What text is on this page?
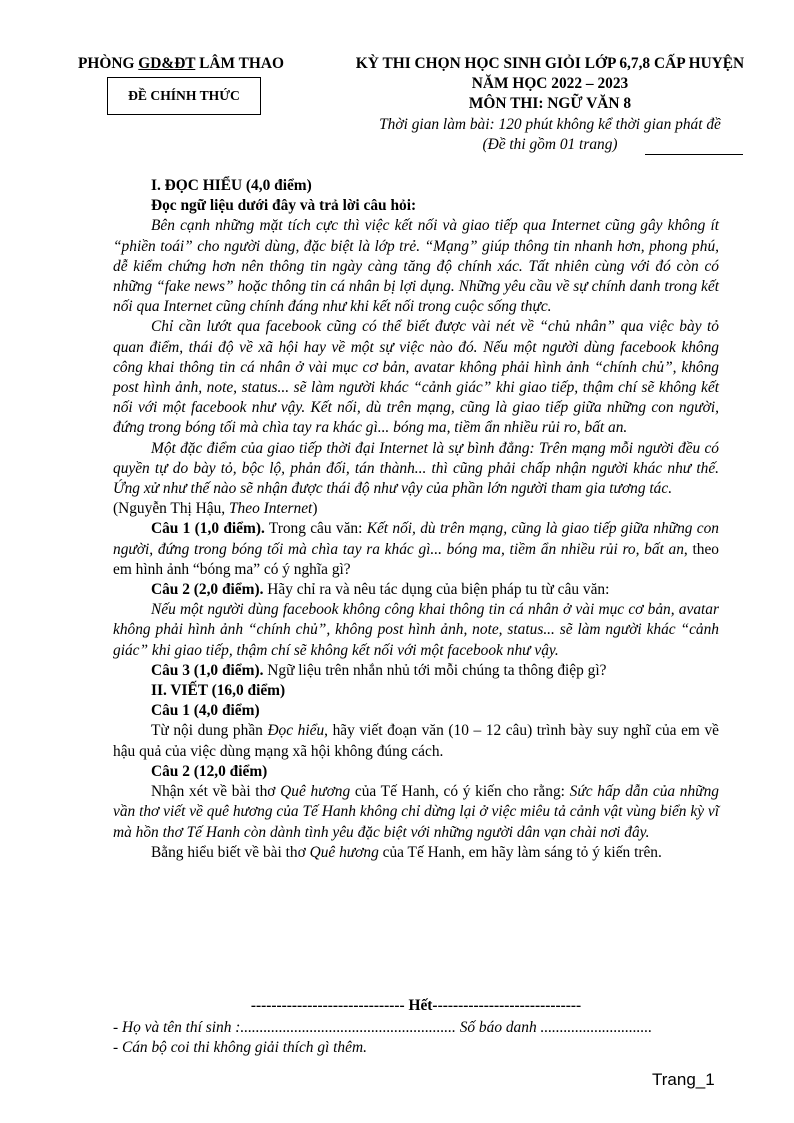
PHÒNG GD&ĐT LÂM THAO
ĐỀ CHÍNH THỨC
KỲ THI CHỌN HỌC SINH GIỎI LỚP 6,7,8 CẤP HUYỆN
NĂM HỌC 2022 – 2023
MÔN THI: NGỮ VĂN 8
Thời gian làm bài: 120 phút không kể thời gian phát đề
(Đề thi gồm 01 trang)

I. ĐỌC HIỂU (4,0 điểm)

Đọc ngữ liệu dưới đây và trả lời câu hỏi:

Bên cạnh những mặt tích cực thì việc kết nối và giao tiếp qua Internet cũng gây không ít “phiền toái” cho người dùng, đặc biệt là lớp trẻ. “Mạng” giúp thông tin nhanh hơn, phong phú, dễ kiểm chứng hơn nên thông tin ngày càng tăng độ chính xác. Tất nhiên cùng với đó còn có những “fake news” hoặc thông tin cá nhân bị lợi dụng. Những yêu cầu về sự chính danh trong kết nối qua Internet cũng chính đáng như khi kết nối trong cuộc sống thực.

Chỉ cần lướt qua facebook cũng có thể biết được vài nét về “chủ nhân” qua việc bày tỏ quan điểm, thái độ về xã hội hay về một sự việc nào đó. Nếu một người dùng facebook không công khai thông tin cá nhân ở vài mục cơ bản, avatar không phải hình ảnh “chính chủ”, không post hình ảnh, note, status... sẽ làm người khác “cảnh giác” khi giao tiếp, thậm chí sẽ không kết nối với một facebook như vậy. Kết nối, dù trên mạng, cũng là giao tiếp giữa những con người, đứng trong bóng tối mà chìa tay ra khác gì... bóng ma, tiềm ẩn nhiều rủi ro, bất an.

Một đặc điểm của giao tiếp thời đại Internet là sự bình đẳng: Trên mạng mỗi người đều có quyền tự do bày tỏ, bộc lộ, phản đối, tán thành... thì cũng phải chấp nhận người khác như thế. Ứng xử như thế nào sẽ nhận được thái độ như vậy của phần lớn người tham gia tương tác.

(Nguyễn Thị Hậu, Theo Internet)

Câu 1 (1,0 điểm). Trong câu văn: Kết nối, dù trên mạng, cũng là giao tiếp giữa những con người, đứng trong bóng tối mà chìa tay ra khác gì... bóng ma, tiềm ẩn nhiều rủi ro, bất an, theo em hình ảnh “bóng ma” có ý nghĩa gì?

Câu 2 (2,0 điểm). Hãy chỉ ra và nêu tác dụng của biện pháp tu từ câu văn:

Nếu một người dùng facebook không công khai thông tin cá nhân ở vài mục cơ bản, avatar không phải hình ảnh “chính chủ”, không post hình ảnh, note, status... sẽ làm người khác “cảnh giác” khi giao tiếp, thậm chí sẽ không kết nối với một facebook như vậy.

Câu 3 (1,0 điểm). Ngữ liệu trên nhắn nhủ tới mỗi chúng ta thông điệp gì?

II. VIẾT (16,0 điểm)

Câu 1 (4,0 điểm)

Từ nội dung phần Đọc hiểu, hãy viết đoạn văn (10 – 12 câu) trình bày suy nghĩ của em về hậu quả của việc dùng mạng xã hội không đúng cách.

Câu 2 (12,0 điểm)

Nhận xét về bài thơ Quê hương của Tế Hanh, có ý kiến cho rằng: Sức hấp dẫn của những vần thơ viết về quê hương của Tế Hanh không chỉ dừng lại ở việc miêu tả cảnh vật vùng biển kỳ vĩ mà hồn thơ Tế Hanh còn dành tình yêu đặc biệt với những người dân vạn chài nơi đây.

Bằng hiểu biết về bài thơ Quê hương của Tế Hanh, em hãy làm sáng tỏ ý kiến trên.

------------------------------ Hết-----------------------------
- Họ và tên thí sinh :........................................................ Số báo danh .............................
- Cán bộ coi thi không giải thích gì thêm.
Trang_1
